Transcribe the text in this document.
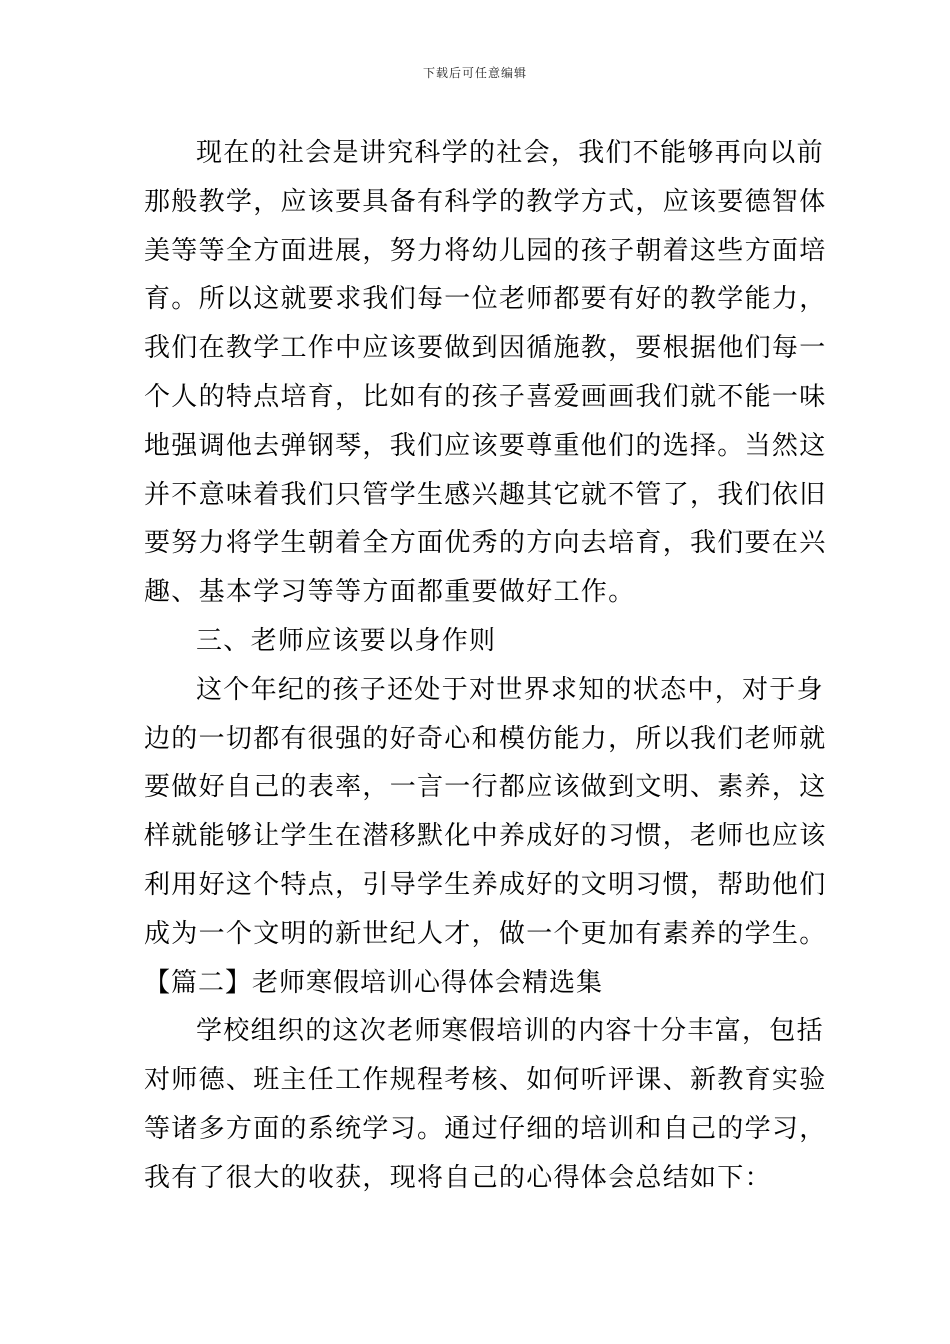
下载后可任意编辑
现在的社会是讲究科学的社会，我们不能够再向以前
那般教学，应该要具备有科学的教学方式，应该要德智体
美等等全方面进展，努力将幼儿园的孩子朝着这些方面培
育。所以这就要求我们每一位老师都要有好的教学能力，
我们在教学工作中应该要做到因循施教，要根据他们每一
个人的特点培育，比如有的孩子喜爱画画我们就不能一味
地强调他去弹钢琴，我们应该要尊重他们的选择。当然这
并不意味着我们只管学生感兴趣其它就不管了，我们依旧
要努力将学生朝着全方面优秀的方向去培育，我们要在兴
趣、基本学习等等方面都重要做好工作。
三、老师应该要以身作则
这个年纪的孩子还处于对世界求知的状态中，对于身
边的一切都有很强的好奇心和模仿能力，所以我们老师就
要做好自己的表率，一言一行都应该做到文明、素养，这
样就能够让学生在潜移默化中养成好的习惯，老师也应该
利用好这个特点，引导学生养成好的文明习惯，帮助他们
成为一个文明的新世纪人才，做一个更加有素养的学生。
【篇二】老师寒假培训心得体会精选集
学校组织的这次老师寒假培训的内容十分丰富，包括
对师德、班主任工作规程考核、如何听评课、新教育实验
等诸多方面的系统学习。通过仔细的培训和自己的学习，
我有了很大的收获，现将自己的心得体会总结如下：
